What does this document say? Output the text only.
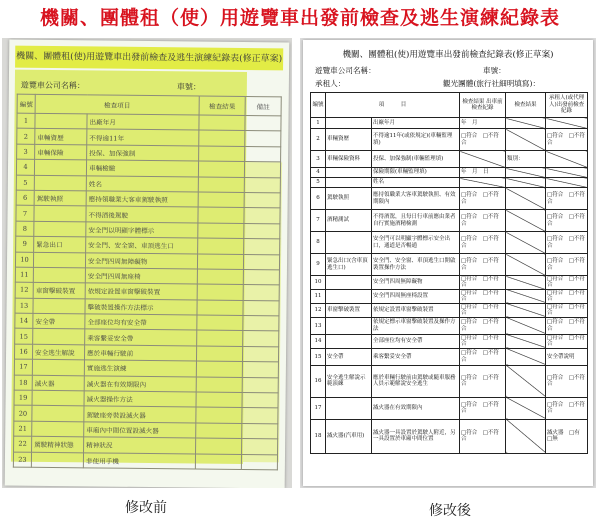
機關、團體租（使）用遊覽車出發前檢查及逃生演練紀錄表
機關、團體租(使)用遊覽車出發前檢查及逃生演練紀錄表(修正草案)
遊覽車公司名稱：	車號：
編號	檢查項目		檢查結果	備註
1		出廠年月		
2	車輛資歷	不得逾11年		
3	車輛保險	投保、加保強制		
4		車輛檢驗		
5		姓名		
6	駕駛執照	應持領職業大客車駕駛執照		
7		不得酒後駕駛		
8		安全門以明顯字體標示		
9	緊急出口	安全門、安全窗、車頂逃生口		
10		安全門四周無障礙物		
11		安全門四周無座椅		
12	車窗擊破裝置	依規定設置車窗擊破裝置		
13		擊破裝置操作方法標示		
14	安全帶	全部座位均有安全帶		
15		乘客繫妥安全帶		
16	安全逃生解說	應於車輛行駛前		
17		實施逃生演練		
18	滅火器	滅火器在有效期限內		
19		滅火器操作方法		
20		駕駛座旁裝設滅火器		
21		車廂內中間位置設滅火器		
22	駕駛精神狀態	精神狀況		
23		非使用手機		
修改前
機關、團體租(使)用遊覽車出發前檢查紀錄表(修正草案)
遊覽車公司名稱：	車號：
承租人：	觀光團體(旅行社細明填寫)：
編號	項　　　目		檢查結果 出車前檢查紀錄	檢查結果	承租人(或代理人)出發前檢查紀錄
1		出廠年月	年　月		
2	車輛資歷	不得逾11年(或依規定)(車輛監理填)	□符合　□不符合		□符合　□不符合
3	車輛保險資料	投保、加保強制(車輛監理填)		類別：	
4		保險期限(車輛監理填)	年　月　日		
5		姓名			
6	駕駛執照	應持領職業大客車駕駛執照、有效期限內	□符合　□不符合		□符合　□不符合
7	酒精測試	不得酒駕，且每日行車前應由業者自行實施酒精檢測	□符合　□不符合		□符合　□不符合
8		安全門可以明顯字體標示安全出口，通道是否暢通	□符合　□不符合		□符合　□不符合
9	緊急出口(含車頂逃生口)	安全門、安全窗、車頂逃生口開啟裝置操作方法	□符合　□不符合		□符合　□不符合
10		安全門四周無障礙物	□符合　□不符合		□符合　□不符合
11		安全門四周無座椅設置	□符合　□不符合		□符合　□不符合
12	車窗擊破裝置	依規定設置車窗擊破裝置	□符合　□不符合		□符合　□不符合
13		依規定標示車窗擊破裝置及操作方法	□符合　□不符合		□符合　□不符合
14		全部座位均有安全帶	□符合　□不符合		□符合　□不符合
15	安全帶	乘客繫妥安全帶	□符合　□不符合		安全帶說明
16	安全逃生解說示範演練	應於車輛行駛前由駕駛或隨車服務人員示範解說安全逃生	□符合　□不符合		□符合　□不符合
17		滅火器在有效期限內	□符合　□不符合		□符合　□不符合
18	滅火器(汽車用)	滅火器一具設置於駕駛人附近，另一具設置於車廂中間位置	□符合　□不符合		滅火器　□有　□無
修改後
